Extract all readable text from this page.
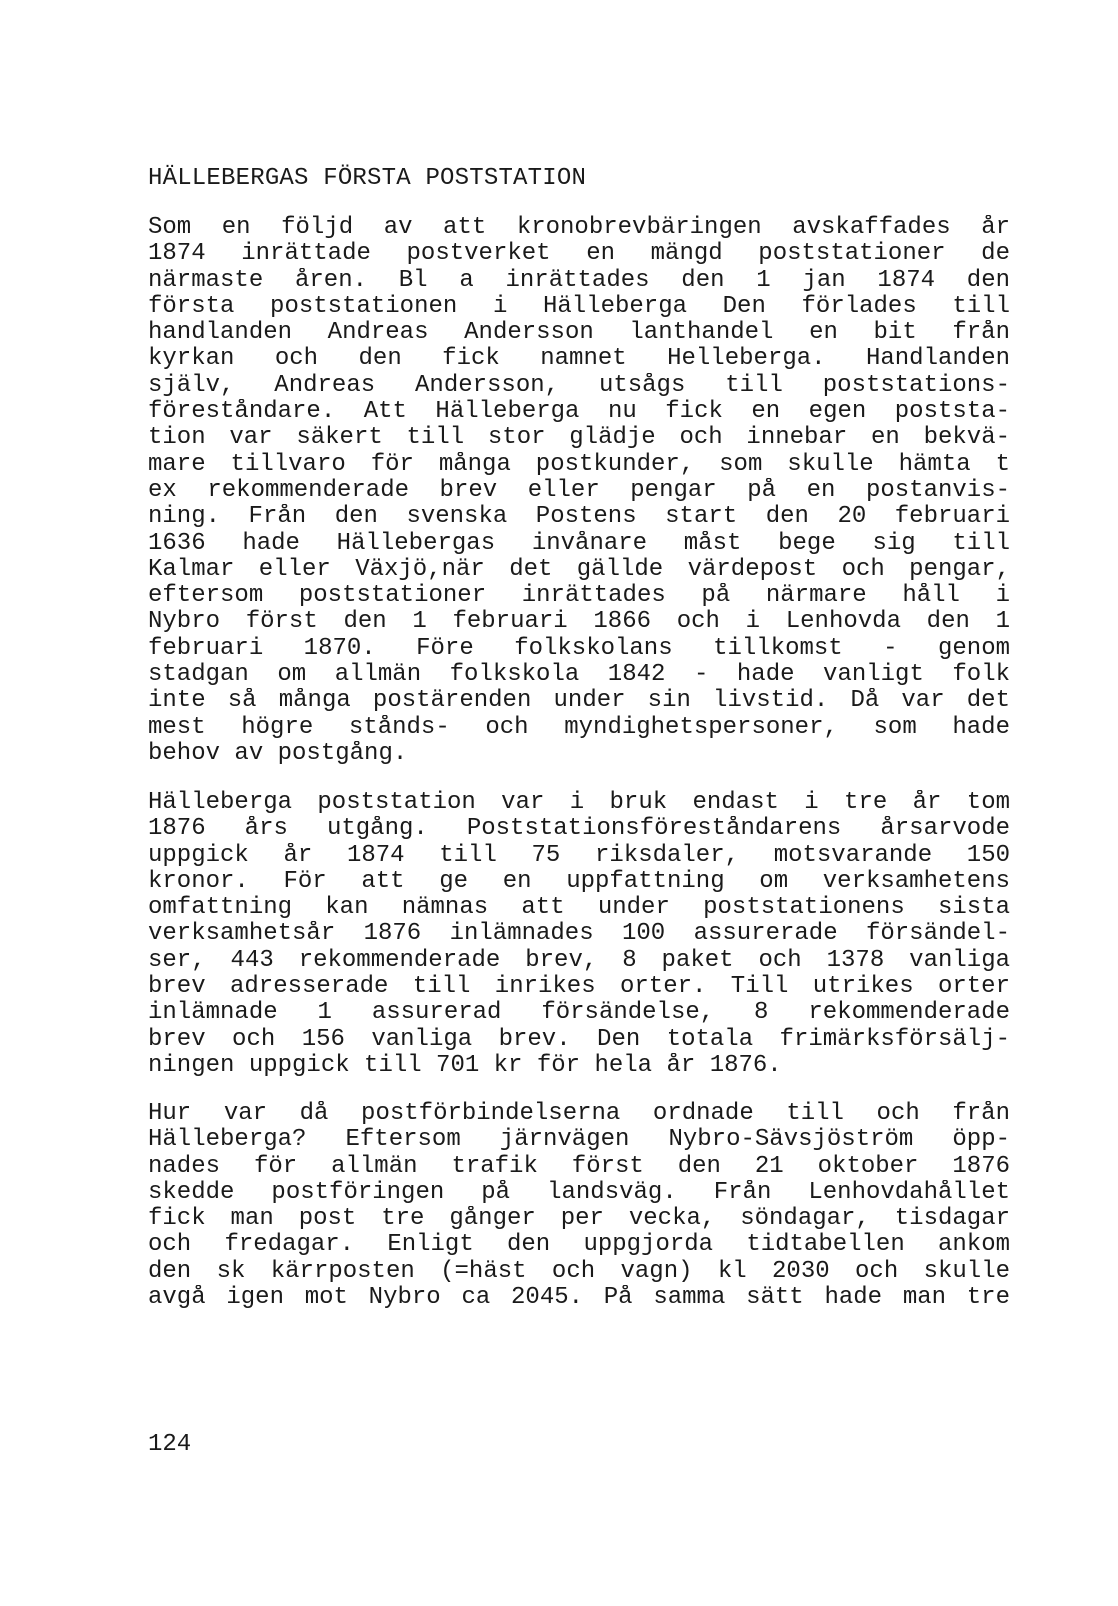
HÄLLEBERGAS FÖRSTA POSTSTATION
Som en följd av att kronobrevbäringen avskaffades år
1874 inrättade postverket en mängd poststationer de
närmaste åren. Bl a inrättades den 1 jan 1874 den
första poststationen i Hälleberga Den förlades till
handlanden Andreas Andersson lanthandel en bit från
kyrkan och den fick namnet Helleberga. Handlanden
själv, Andreas Andersson, utsågs till poststations-
föreståndare. Att Hälleberga nu fick en egen poststa-
tion var säkert till stor glädje och innebar en bekvä-
mare tillvaro för många postkunder, som skulle hämta t
ex rekommenderade brev eller pengar på en postanvis-
ning. Från den svenska Postens start den 20 februari
1636 hade Hällebergas invånare måst bege sig till
Kalmar eller Växjö,när det gällde värdepost och pengar,
eftersom poststationer inrättades på närmare håll i
Nybro först den 1 februari 1866 och i Lenhovda den 1
februari 1870. Före folkskolans tillkomst - genom
stadgan om allmän folkskola 1842 - hade vanligt folk
inte så många postärenden under sin livstid. Då var det
mest högre stånds- och myndighetspersoner, som hade
behov av postgång.
Hälleberga poststation var i bruk endast i tre år tom
1876 års utgång. Poststationsföreståndarens årsarvode
uppgick år 1874 till 75 riksdaler, motsvarande 150
kronor. För att ge en uppfattning om verksamhetens
omfattning kan nämnas att under poststationens sista
verksamhetsår 1876 inlämnades 100 assurerade försändel-
ser, 443 rekommenderade brev, 8 paket och 1378 vanliga
brev adresserade till inrikes orter. Till utrikes orter
inlämnade 1 assurerad försändelse, 8 rekommenderade
brev och 156 vanliga brev. Den totala frimärksförsälj-
ningen uppgick till 701 kr för hela år 1876.
Hur var då postförbindelserna ordnade till och från
Hälleberga? Eftersom järnvägen Nybro-Sävsjöström öpp-
nades för allmän trafik först den 21 oktober 1876
skedde postföringen på landsväg. Från Lenhovdahållet
fick man post tre gånger per vecka, söndagar, tisdagar
och fredagar. Enligt den uppgjorda tidtabellen ankom
den sk kärrposten (=häst och vagn) kl 2030 och skulle
avgå igen mot Nybro ca 2045. På samma sätt hade man tre
124
